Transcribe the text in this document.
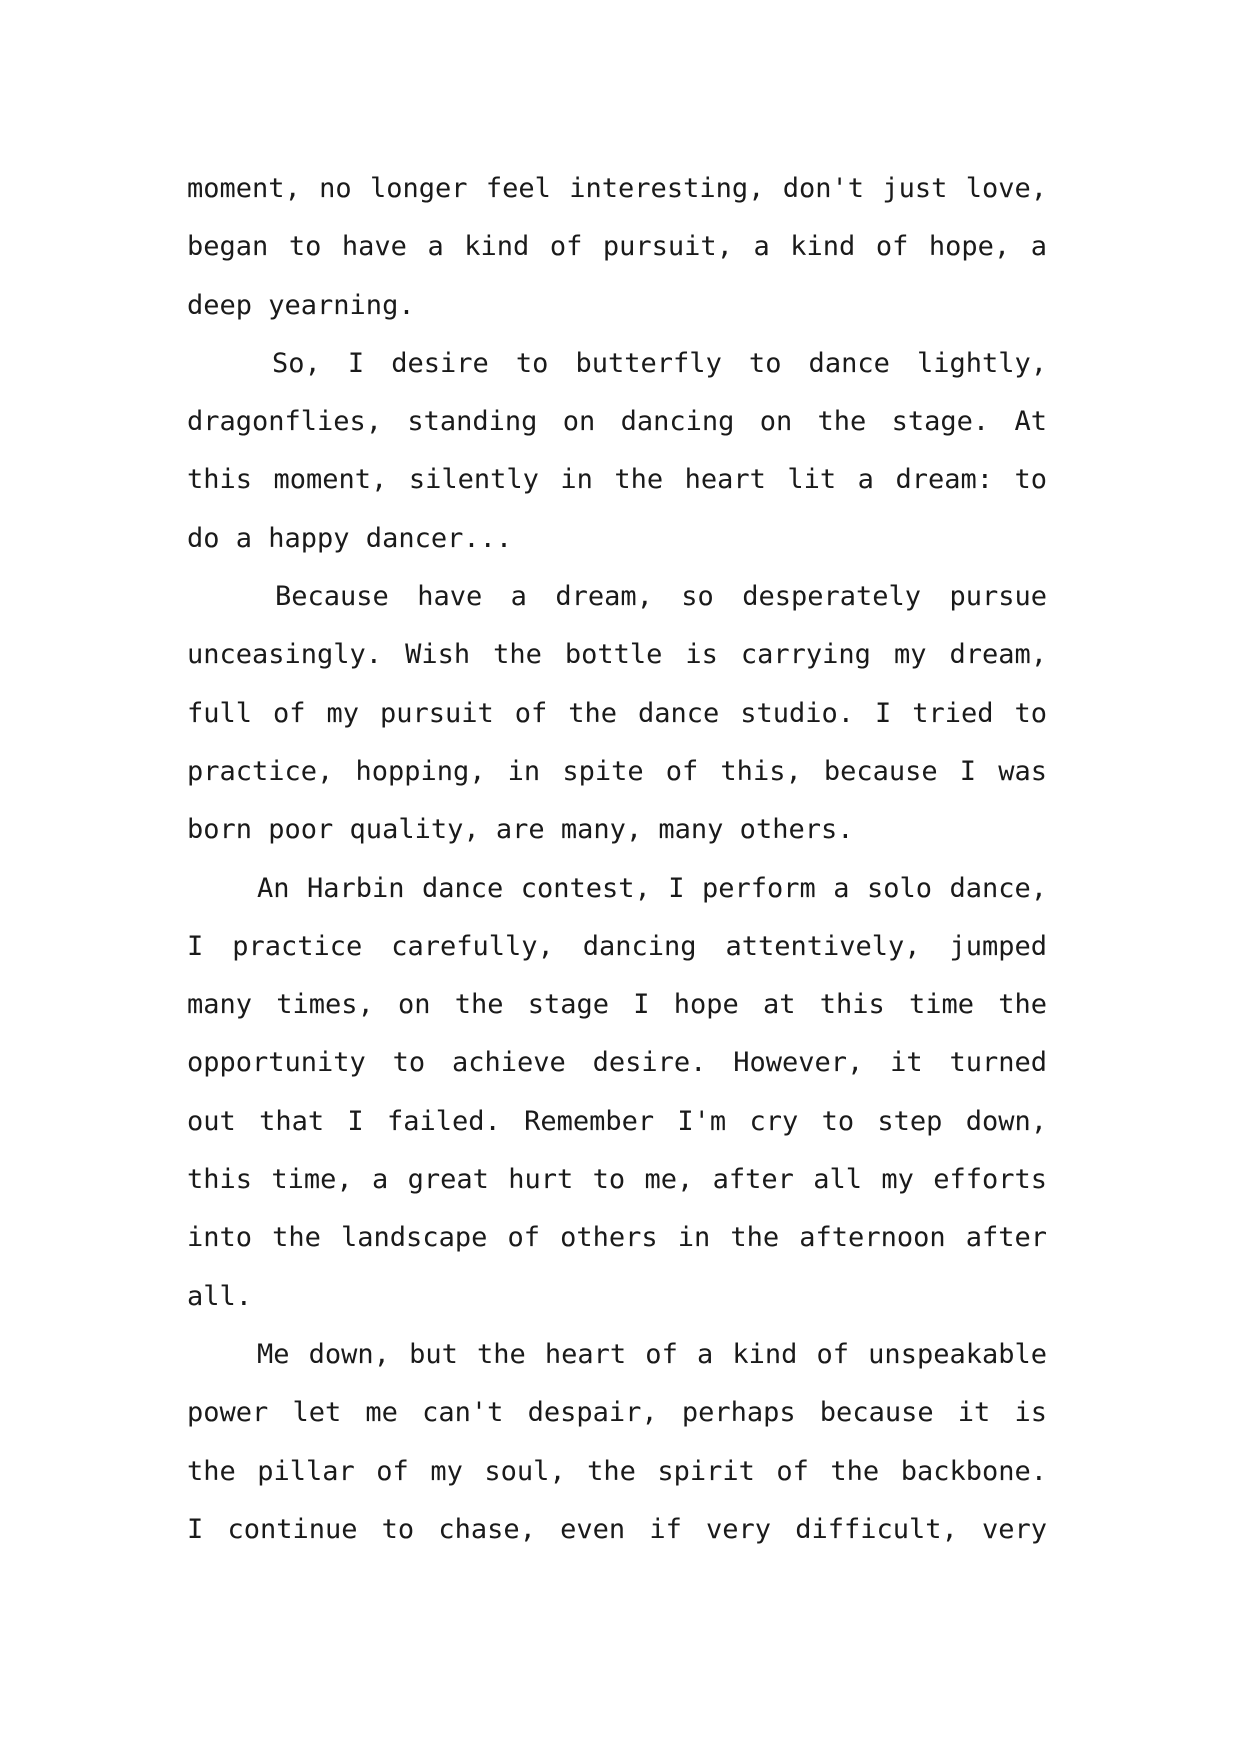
moment, no longer feel interesting, don't just love,
began to have a kind of pursuit, a kind of hope, a
deep yearning.
So, I desire to butterfly to dance lightly,
dragonflies, standing on dancing on the stage. At
this moment, silently in the heart lit a dream: to
do a happy dancer...
Because have a dream, so desperately pursue
unceasingly. Wish the bottle is carrying my dream,
full of my pursuit of the dance studio. I tried to
practice, hopping, in spite of this, because I was
born poor quality, are many, many others.
An Harbin dance contest, I perform a solo dance,
I practice carefully, dancing attentively, jumped
many times, on the stage I hope at this time the
opportunity to achieve desire. However, it turned
out that I failed. Remember I'm cry to step down,
this time, a great hurt to me, after all my efforts
into the landscape of others in the afternoon after
all.
Me down, but the heart of a kind of unspeakable
power let me can't despair, perhaps because it is
the pillar of my soul, the spirit of the backbone.
I continue to chase, even if very difficult, very
